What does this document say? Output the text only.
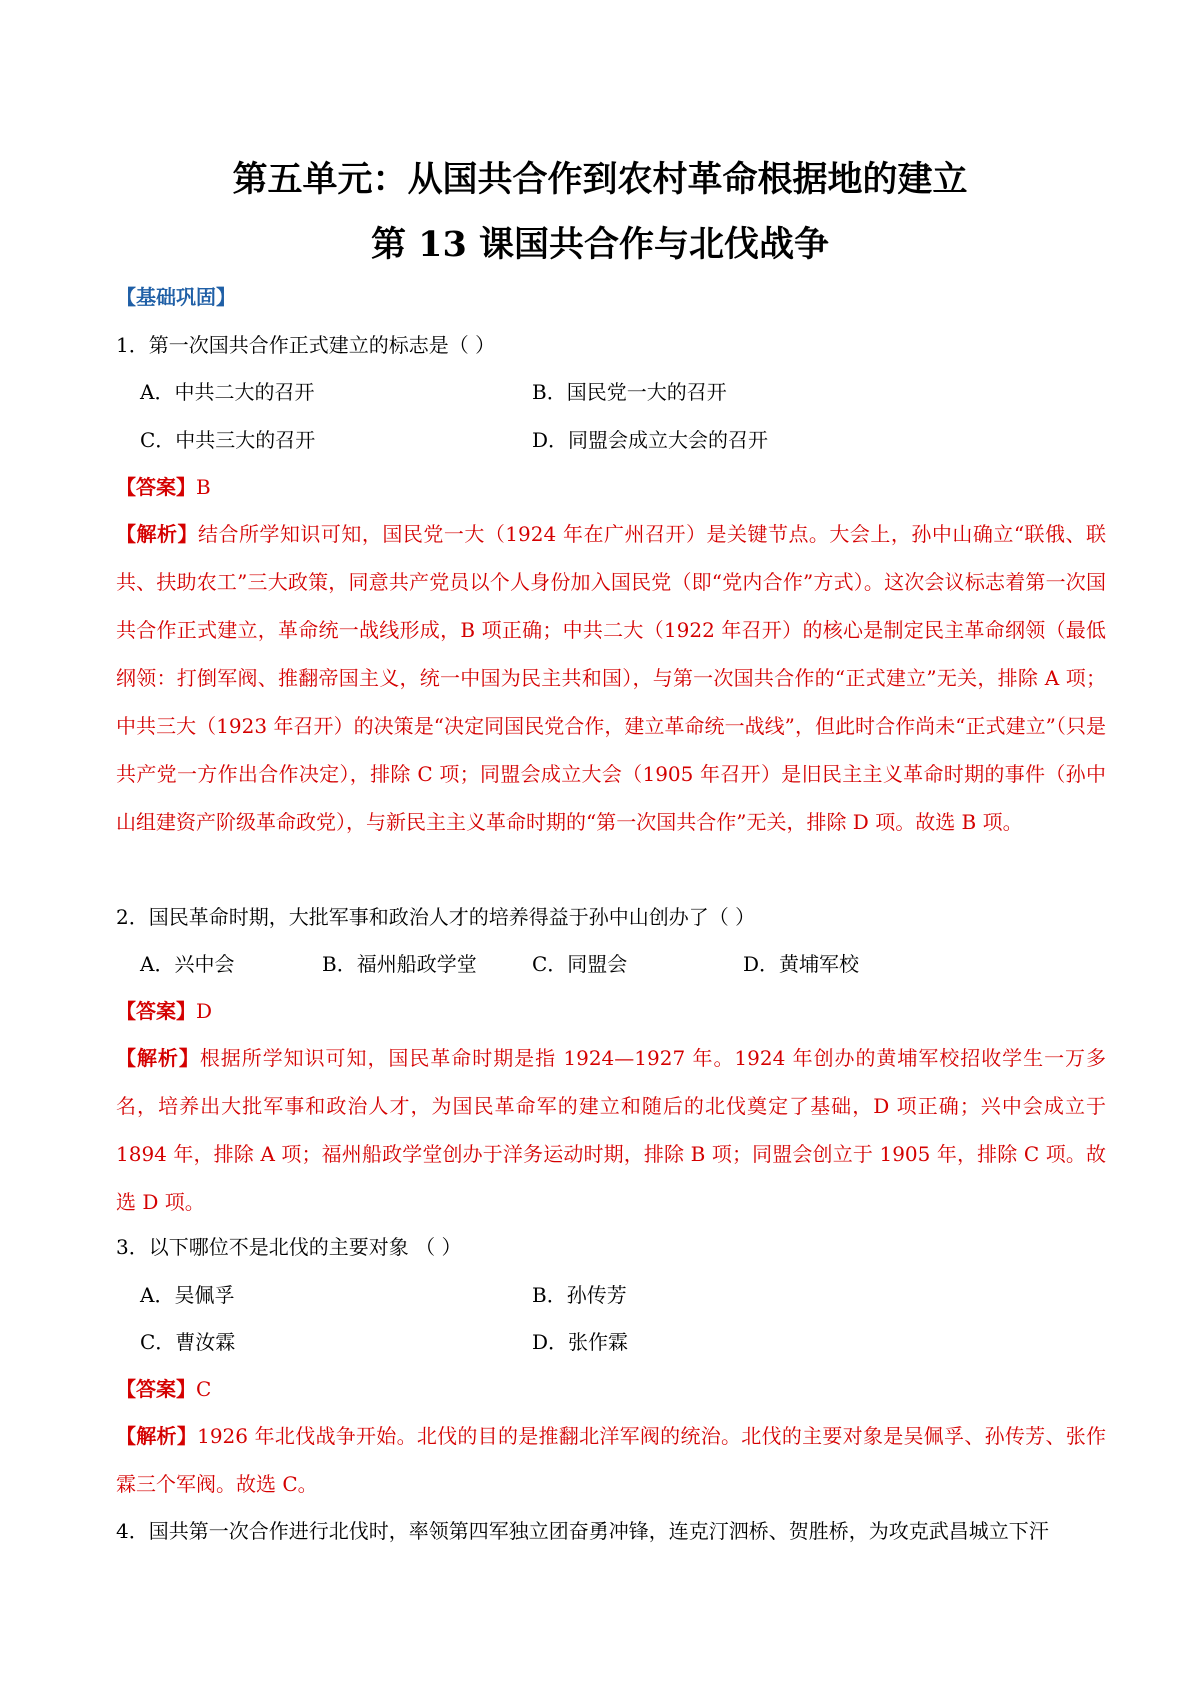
第五单元：从国共合作到农村革命根据地的建立
第 13 课国共合作与北伐战争
【基础巩固】
1．第一次国共合作正式建立的标志是（ ）
A．中共二大的召开	B．国民党一大的召开
C．中共三大的召开	D．同盟会成立大会的召开
【答案】B
【解析】结合所学知识可知，国民党一大（1924 年在广州召开）是关键节点。大会上，孙中山确立“联俄、联共、扶助农工”三大政策，同意共产党员以个人身份加入国民党（即“党内合作”方式）。这次会议标志着第一次国共合作正式建立，革命统一战线形成，B 项正确；中共二大（1922 年召开）的核心是制定民主革命纲领（最低纲领：打倒军阀、推翻帝国主义，统一中国为民主共和国），与第一次国共合作的“正式建立”无关，排除 A 项；中共三大（1923 年召开）的决策是“决定同国民党合作，建立革命统一战线”，但此时合作尚未“正式建立”（只是共产党一方作出合作决定），排除 C 项；同盟会成立大会（1905 年召开）是旧民主主义革命时期的事件（孙中山组建资产阶级革命政党），与新民主主义革命时期的“第一次国共合作”无关，排除 D 项。故选 B 项。
2．国民革命时期，大批军事和政治人才的培养得益于孙中山创办了（ ）
A．兴中会	B．福州船政学堂	C．同盟会	D．黄埔军校
【答案】D
【解析】根据所学知识可知，国民革命时期是指 1924—1927 年。1924 年创办的黄埔军校招收学生一万多名，培养出大批军事和政治人才，为国民革命军的建立和随后的北伐奠定了基础，D 项正确；兴中会成立于 1894 年，排除 A 项；福州船政学堂创办于洋务运动时期，排除 B 项；同盟会创立于 1905 年，排除 C 项。故选 D 项。
3．以下哪位不是北伐的主要对象 （ ）
A．吴佩孚	B．孙传芳
C．曹汝霖	D．张作霖
【答案】C
【解析】1926 年北伐战争开始。北伐的目的是推翻北洋军阀的统治。北伐的主要对象是吴佩孚、孙传芳、张作霖三个军阀。故选 C。
4．国共第一次合作进行北伐时，率领第四军独立团奋勇冲锋，连克汀泗桥、贺胜桥，为攻克武昌城立下汗
